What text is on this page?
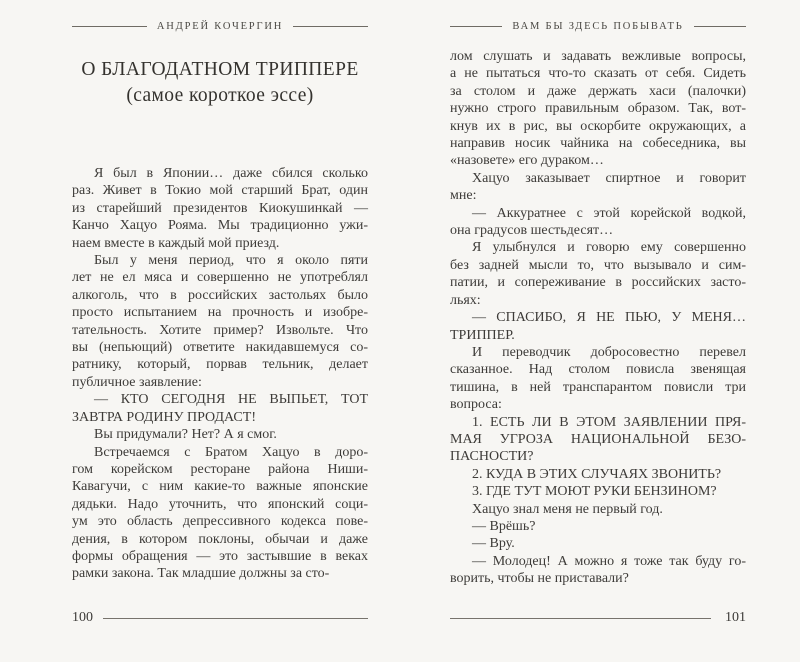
АНДРЕЙ КОЧЕРГИН
О БЛАГОДАТНОМ ТРИППЕРЕ
(самое короткое эссе)
Я был в Японии… даже сбился сколько
раз. Живет в Токио мой старший Брат, один
из старейший президентов Киокушинкай —
Канчо Хацуо Рояма. Мы традиционно ужи-
наем вместе в каждый мой приезд.
Был у меня период, что я около пяти
лет не ел мяса и совершенно не употреблял
алкоголь, что в российских застольях было
просто испытанием на прочность и изобре-
тательность. Хотите пример? Извольте. Что
вы (непьющий) ответите накидавшемуся со-
ратнику, который, порвав тельник, делает
публичное заявление:
— КТО СЕГОДНЯ НЕ ВЫПЬЕТ, ТОТ
ЗАВТРА РОДИНУ ПРОДАСТ!
Вы придумали? Нет? А я смог.
Встречаемся с Братом Хацуо в доро-
гом корейском ресторане района Ниши-
Кавагучи, с ним какие-то важные японские
дядьки. Надо уточнить, что японский соци-
ум это область депрессивного кодекса пове-
дения, в котором поклоны, обычаи и даже
формы обращения — это застывшие в веках
рамки закона. Так младшие должны за сто-
100
ВАМ БЫ ЗДЕСЬ ПОБЫВАТЬ
лом слушать и задавать вежливые вопросы,
а не пытаться что-то сказать от себя. Сидеть
за столом и даже держать хаси (палочки)
нужно строго правильным образом. Так, вот-
кнув их в рис, вы оскорбите окружающих, а
направив носик чайника на собеседника, вы
«назовете» его дураком…
Хацуо заказывает спиртное и говорит
мне:
— Аккуратнее с этой корейской водкой,
она градусов шестьдесят…
Я улыбнулся и говорю ему совершенно
без задней мысли то, что вызывало и сим-
патии, и сопереживание в российских засто-
льях:
— СПАСИБО, Я НЕ ПЬЮ, У МЕНЯ…
ТРИППЕР.
И переводчик добросовестно перевел
сказанное. Над столом повисла звенящая
тишина, в ней транспарантом повисли три
вопроса:
1. ЕСТЬ ЛИ В ЭТОМ ЗАЯВЛЕНИИ ПРЯ-
МАЯ УГРОЗА НАЦИОНАЛЬНОЙ БЕЗО-
ПАСНОСТИ?
2. КУДА В ЭТИХ СЛУЧАЯХ ЗВОНИТЬ?
3. ГДЕ ТУТ МОЮТ РУКИ БЕНЗИНОМ?
Хацуо знал меня не первый год.
— Врёшь?
— Вру.
— Молодец! А можно я тоже так буду го-
ворить, чтобы не приставали?
101
